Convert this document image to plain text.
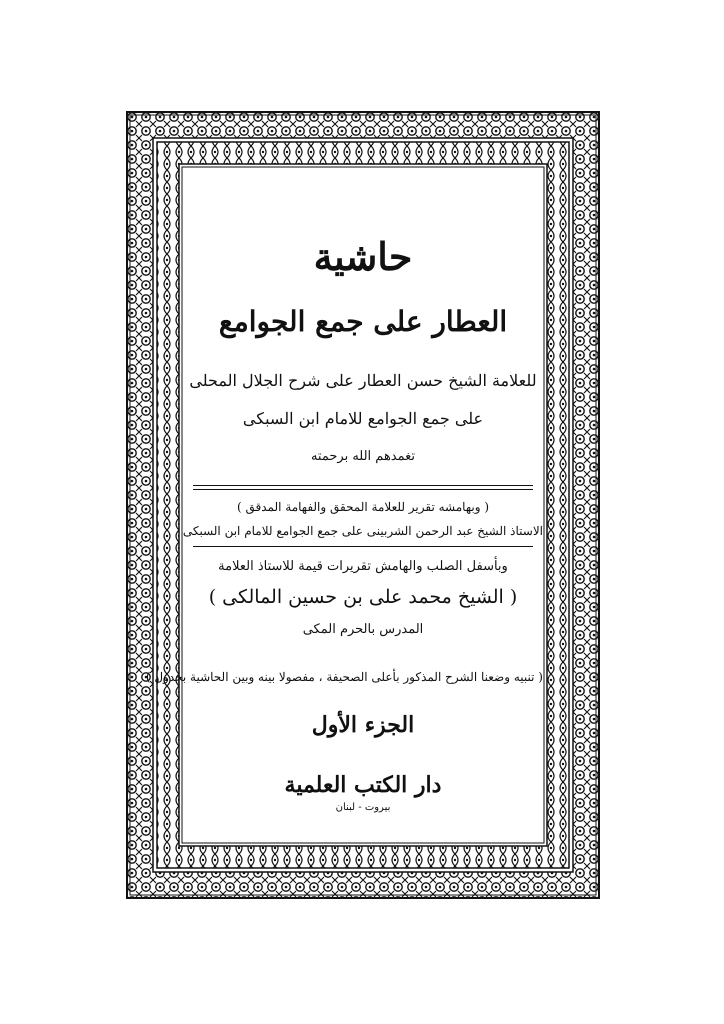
حاشية
العطار على جمع الجوامع
للعلامة الشيخ حسن العطار على شرح الجلال المحلى
على جمع الجوامع للامام ابن السبكى
تغمدهم الله برحمته
( وبهامشه تقرير للعلامة المحقق والفهامة المدقق )
الاستاذ الشيخ عبد الرحمن الشربينى على جمع الجوامع للامام ابن السبكى
وبأسفل الصلب والهامش تقريرات قيمة للاستاذ العلامة
( الشيخ محمد على بن حسين المالكى )
المدرس بالحرم المكى
( تنبيه وضعنا الشرح المذكور بأعلى الصحيفة ، مفصولا بينه وبين الحاشية بجدول )
الجزء الأول
دار الكتب العلمية
بيروت - لبنان
